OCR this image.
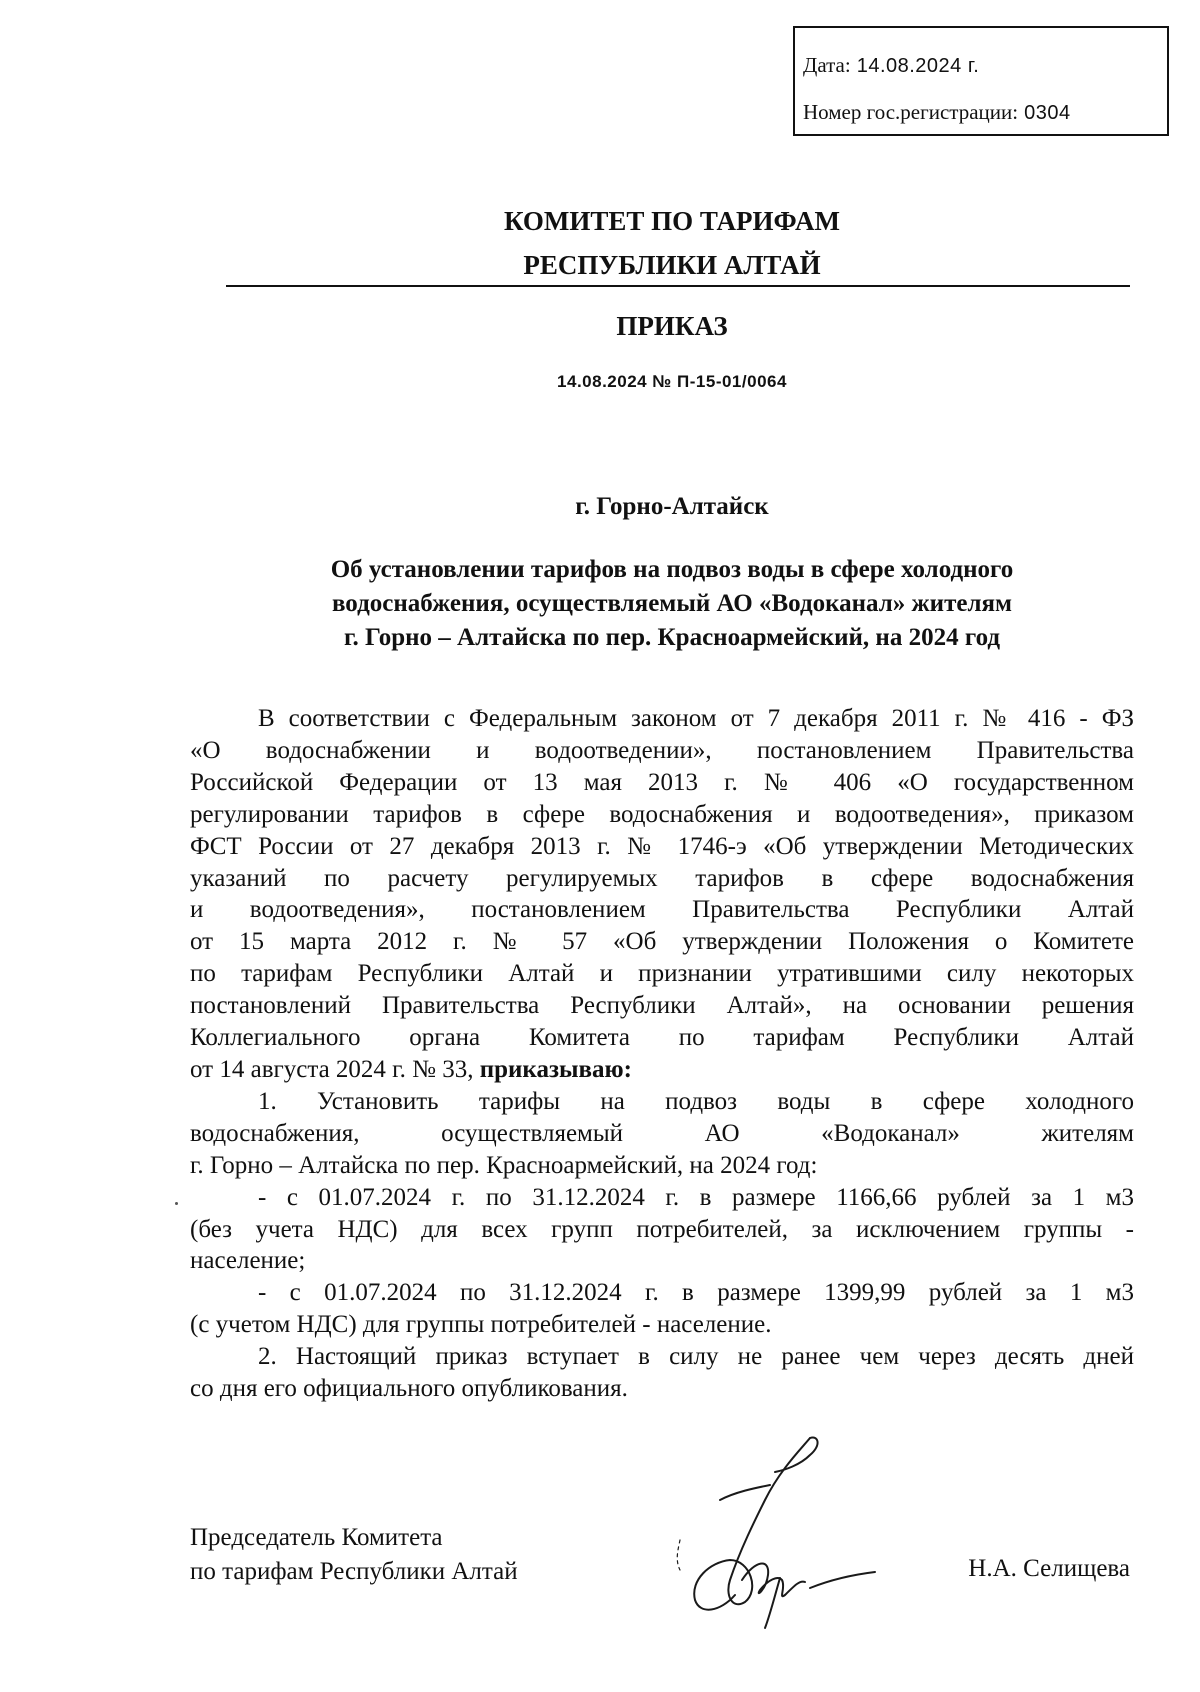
Дата: 14.08.2024 г.
Номер гос.регистрации: 0304
КОМИТЕТ ПО ТАРИФАМ
РЕСПУБЛИКИ АЛТАЙ
ПРИКАЗ
14.08.2024 № П-15-01/0064
г. Горно-Алтайск
Об установлении тарифов на подвоз воды в сфере холодного
водоснабжения, осуществляемый АО «Водоканал» жителям
г. Горно – Алтайска по пер. Красноармейский, на 2024 год
В соответствии с Федеральным законом от 7 декабря 2011 г. № 416 - ФЗ
«О водоснабжении и водоотведении», постановлением Правительства
Российской Федерации от 13 мая 2013 г. № 406 «О государственном
регулировании тарифов в сфере водоснабжения и водоотведения», приказом
ФСТ России от 27 декабря 2013 г. № 1746-э «Об утверждении Методических
указаний по расчету регулируемых тарифов в сфере водоснабжения
и водоотведения», постановлением Правительства Республики Алтай
от 15 марта 2012 г. № 57 «Об утверждении Положения о Комитете
по тарифам Республики Алтай и признании утратившими силу некоторых
постановлений Правительства Республики Алтай», на основании решения
Коллегиального органа Комитета по тарифам Республики Алтай
от 14 августа 2024 г. № 33, приказываю:
1. Установить тарифы на подвоз воды в сфере холодного
водоснабжения, осуществляемый АО «Водоканал» жителям
г. Горно – Алтайска по пер. Красноармейский, на 2024 год:
- с 01.07.2024 г. по 31.12.2024 г. в размере 1166,66 рублей за 1 м3
(без учета НДС) для всех групп потребителей, за исключением группы -
население;
- с 01.07.2024 по 31.12.2024 г. в размере 1399,99 рублей за 1 м3
(с учетом НДС) для группы потребителей - население.
2. Настоящий приказ вступает в силу не ранее чем через десять дней
со дня его официального опубликования.
Председатель Комитета
по тарифам Республики Алтай	Н.А. Селищева
